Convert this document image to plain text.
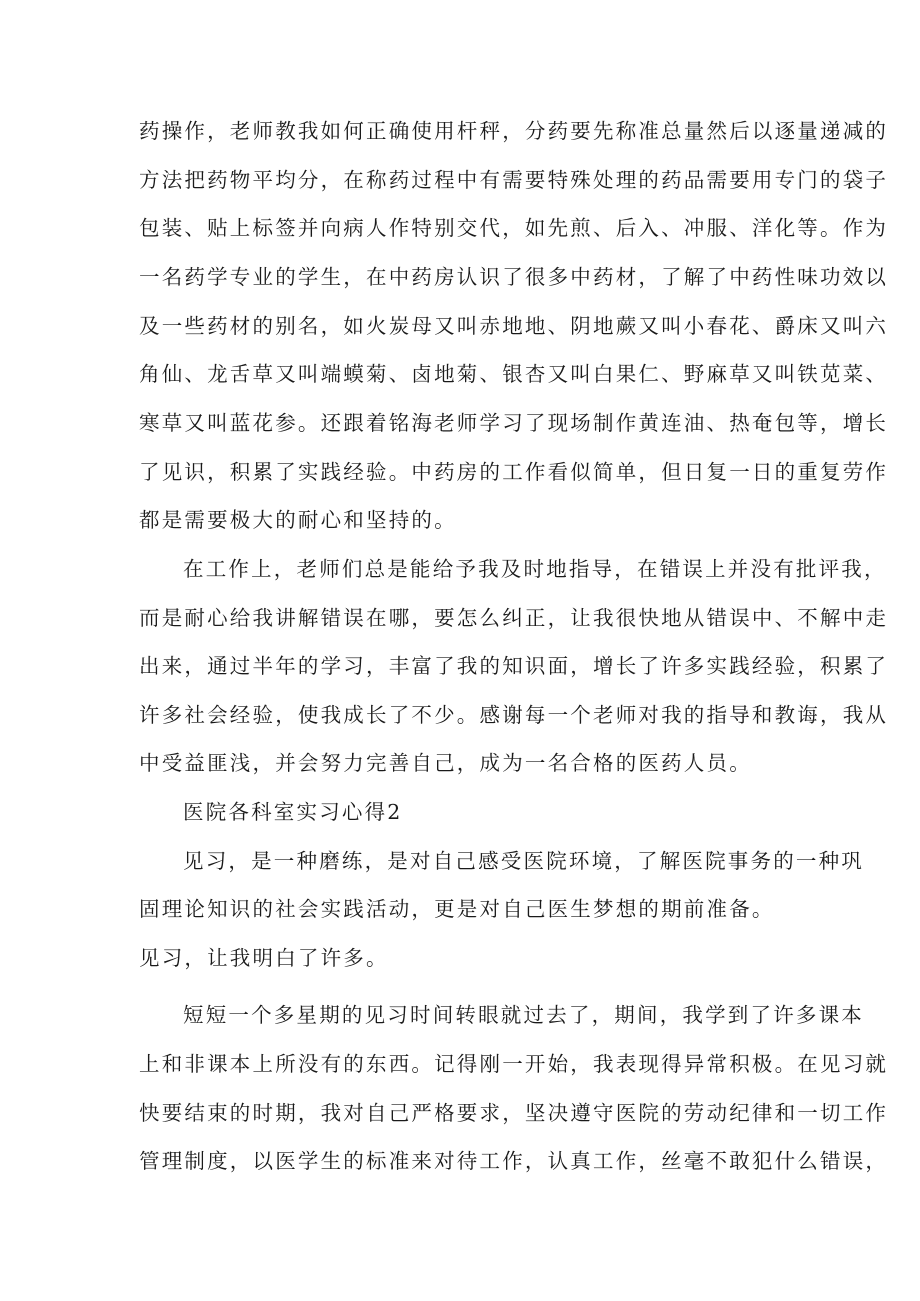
药操作，老师教我如何正确使用杆秤，分药要先称准总量然后以逐量递减的
方法把药物平均分，在称药过程中有需要特殊处理的药品需要用专门的袋子
包装、贴上标签并向病人作特别交代，如先煎、后入、冲服、洋化等。作为
一名药学专业的学生，在中药房认识了很多中药材，了解了中药性味功效以
及一些药材的别名，如火炭母又叫赤地地、阴地蕨又叫小春花、爵床又叫六
角仙、龙舌草又叫端蟆菊、卤地菊、银杏又叫白果仁、野麻草又叫铁苋菜、
寒草又叫蓝花参。还跟着铭海老师学习了现场制作黄连油、热奄包等，增长
了见识，积累了实践经验。中药房的工作看似简单，但日复一日的重复劳作
都是需要极大的耐心和坚持的。
在工作上，老师们总是能给予我及时地指导，在错误上并没有批评我，
而是耐心给我讲解错误在哪，要怎么纠正，让我很快地从错误中、不解中走
出来，通过半年的学习，丰富了我的知识面，增长了许多实践经验，积累了
许多社会经验，使我成长了不少。感谢每一个老师对我的指导和教诲，我从
中受益匪浅，并会努力完善自己，成为一名合格的医药人员。
医院各科室实习心得2
见习，是一种磨练，是对自己感受医院环境，了解医院事务的一种巩
固理论知识的社会实践活动，更是对自己医生梦想的期前准备。
见习，让我明白了许多。
短短一个多星期的见习时间转眼就过去了，期间，我学到了许多课本
上和非课本上所没有的东西。记得刚一开始，我表现得异常积极。在见习就
快要结束的时期，我对自己严格要求，坚决遵守医院的劳动纪律和一切工作
管理制度，以医学生的标准来对待工作，认真工作，丝毫不敢犯什么错误，
